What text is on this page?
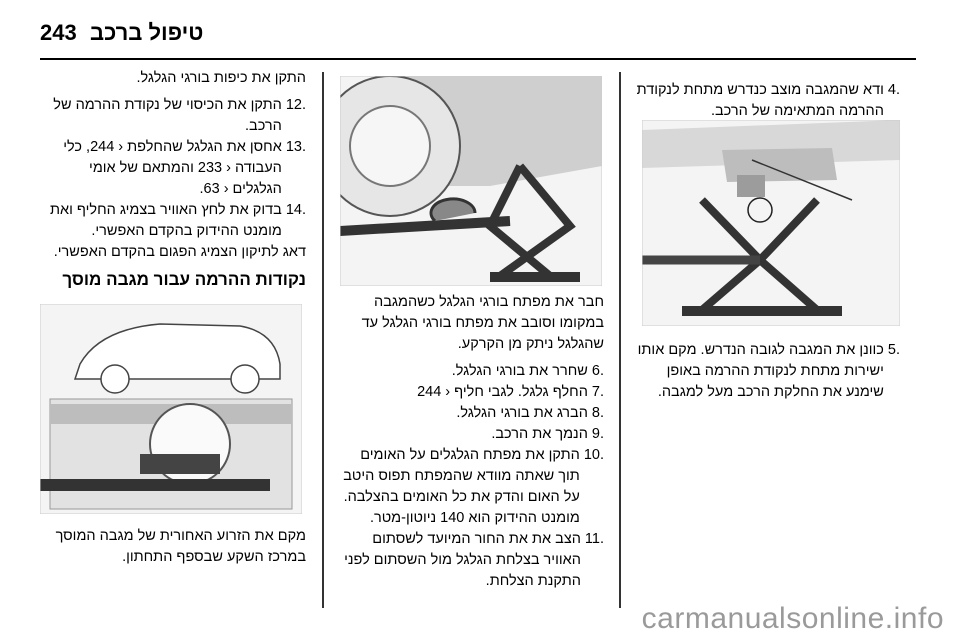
243 טיפול ברכב
.4
ודא שהמגבה מוצב כנדרש מתחת לנקודת ההרמה המתאימה של הרכב.
.5
כוונן את המגבה לגובה הנדרש. מקם אותו ישירות מתחת לנקודת ההרמה באופן שימנע את החלקת הרכב מעל למגבה.

חבר את מפתח בורגי הגלגל כשהמגבה במקומו וסובב את מפתח בורגי הגלגל עד שהגלגל ניתק מן הקרקע.

.6
שחרר את בורגי הגלגל.
.7
החלף גלגל. לגבי חליף ‹ 244
.8
הברג את בורגי הגלגל.
.9
הנמך את הרכב.
.10
התקן את מפתח הגלגלים על האומים תוך שאתה מוודא שהמפתח תפוס היטב על האום והדק את כל האומים בהצלבה. מומנט ההידוק הוא 140 ניוטון-מטר.
.11
הצב את את החור המיועד לשסתום האוויר בצלחת הגלגל מול השסתום לפני התקנת הצלחת.

התקן את כיפות בורגי הגלגל.

.12
התקן את הכיסוי של נקודת ההרמה של הרכב.
.13
אחסן את הגלגל שהחלפת ‹ 244, כלי העבודה ‹ 233 והמתאם של אומי הגלגלים ‹ 63.
.14
בדוק את לחץ האוויר בצמיג החליף ואת מומנט ההידוק בהקדם האפשרי.

דאג לתיקון הצמיג הפגום בהקדם האפשרי.

נקודות ההרמה עבור מגבה מוסך

מקם את הזרוע האחורית של מגבה המוסך במרכז השקע שבספף התחתון.

carmanualsonline.info
